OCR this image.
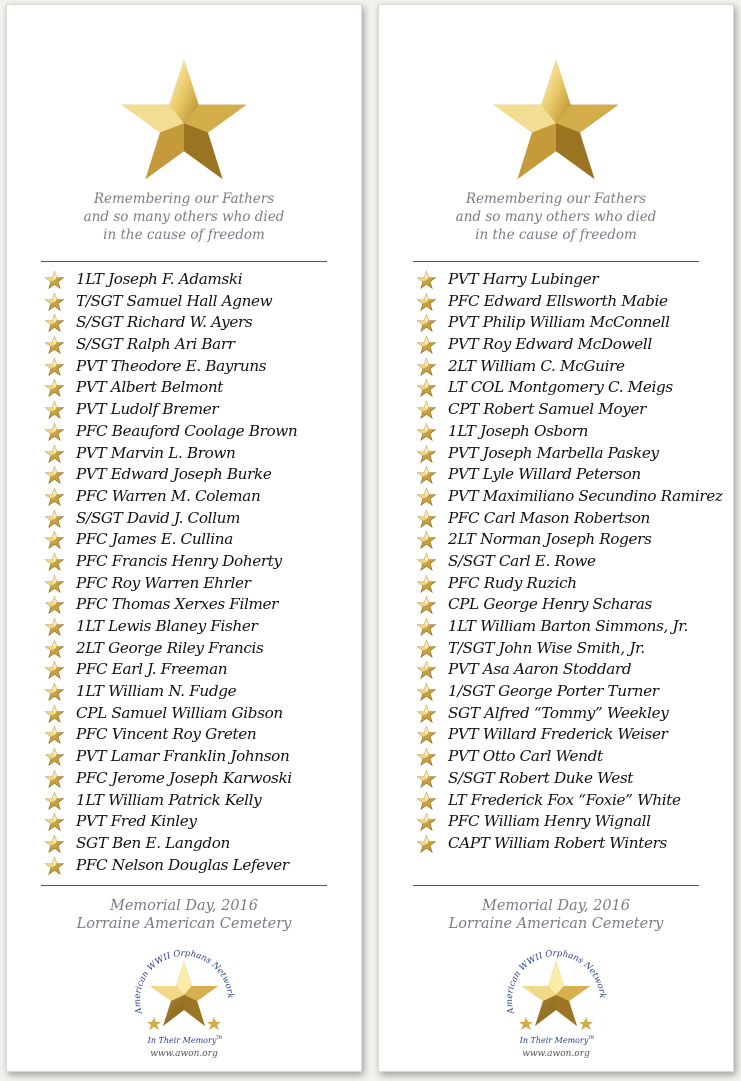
Remembering our Fathers
and so many others who died
in the cause of freedom
1LT Joseph F. Adamski
T/SGT Samuel Hall Agnew
S/SGT Richard W. Ayers
S/SGT Ralph Ari Barr
PVT Theodore E. Bayruns
PVT Albert Belmont
PVT Ludolf Bremer
PFC Beauford Coolage Brown
PVT Marvin L. Brown
PVT Edward Joseph Burke
PFC Warren M. Coleman
S/SGT David J. Collum
PFC James E. Cullina
PFC Francis Henry Doherty
PFC Roy Warren Ehrler
PFC Thomas Xerxes Filmer
1LT Lewis Blaney Fisher
2LT George Riley Francis
PFC Earl J. Freeman
1LT William N. Fudge
CPL Samuel William Gibson
PFC Vincent Roy Greten
PVT Lamar Franklin Johnson
PFC Jerome Joseph Karwoski
1LT William Patrick Kelly
PVT Fred Kinley
SGT Ben E. Langdon
PFC Nelson Douglas Lefever
Memorial Day, 2016
Lorraine American Cemetery
American WWII Orphans Network
In Their Memory TM
www.awon.org
Remembering our Fathers
and so many others who died
in the cause of freedom
PVT Harry Lubinger
PFC Edward Ellsworth Mabie
PVT Philip William McConnell
PVT Roy Edward McDowell
2LT William C. McGuire
LT COL Montgomery C. Meigs
CPT Robert Samuel Moyer
1LT Joseph Osborn
PVT Joseph Marbella Paskey
PVT Lyle Willard Peterson
PVT Maximiliano Secundino Ramirez
PFC Carl Mason Robertson
2LT Norman Joseph Rogers
S/SGT Carl E. Rowe
PFC Rudy Ruzich
CPL George Henry Scharas
1LT William Barton Simmons, Jr.
T/SGT John Wise Smith, Jr.
PVT Asa Aaron Stoddard
1/SGT George Porter Turner
SGT Alfred “Tommy” Weekley
PVT Willard Frederick Weiser
PVT Otto Carl Wendt
S/SGT Robert Duke West
LT Frederick Fox “Foxie” White
PFC William Henry Wignall
CAPT William Robert Winters
Memorial Day, 2016
Lorraine American Cemetery
American WWII Orphans Network
In Their Memory TM
www.awon.org
